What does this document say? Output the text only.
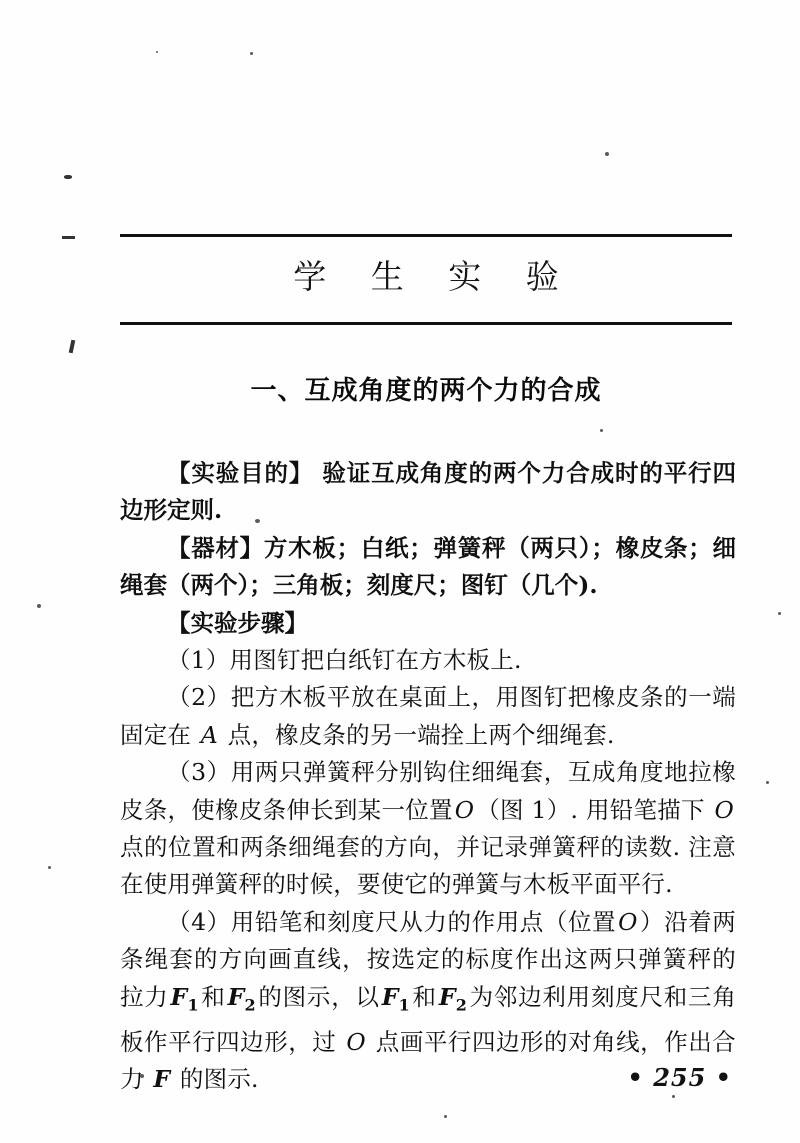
学 生 实 验
一、互成角度的两个力的合成

【实验目的】 验证互成角度的两个力合成时的平行四边形定则.

【器材】方木板；白纸；弹簧秤（两只）；橡皮条；细绳套（两个）；三角板；刻度尺；图钉（几个).

【实验步骤】

（1）用图钉把白纸钉在方木板上.

（2）把方木板平放在桌面上，用图钉把橡皮条的一端固定在 A 点，橡皮条的另一端拴上两个细绳套.

（3）用两只弹簧秤分别钩住细绳套，互成角度地拉橡皮条，使橡皮条伸长到某一位置O（图 1）. 用铅笔描下 O 点的位置和两条细绳套的方向，并记录弹簧秤的读数. 注意在使用弹簧秤的时候，要使它的弹簧与木板平面平行.

（4）用铅笔和刻度尺从力的作用点（位置O）沿着两条绳套的方向画直线，按选定的标度作出这两只弹簧秤的拉力$F_1$和$F_2$的图示，以$F_1$和$F_2$为邻边利用刻度尺和三角板作平行四边形，过 O 点画平行四边形的对角线，作出合力 F 的图示.	• 255 •
